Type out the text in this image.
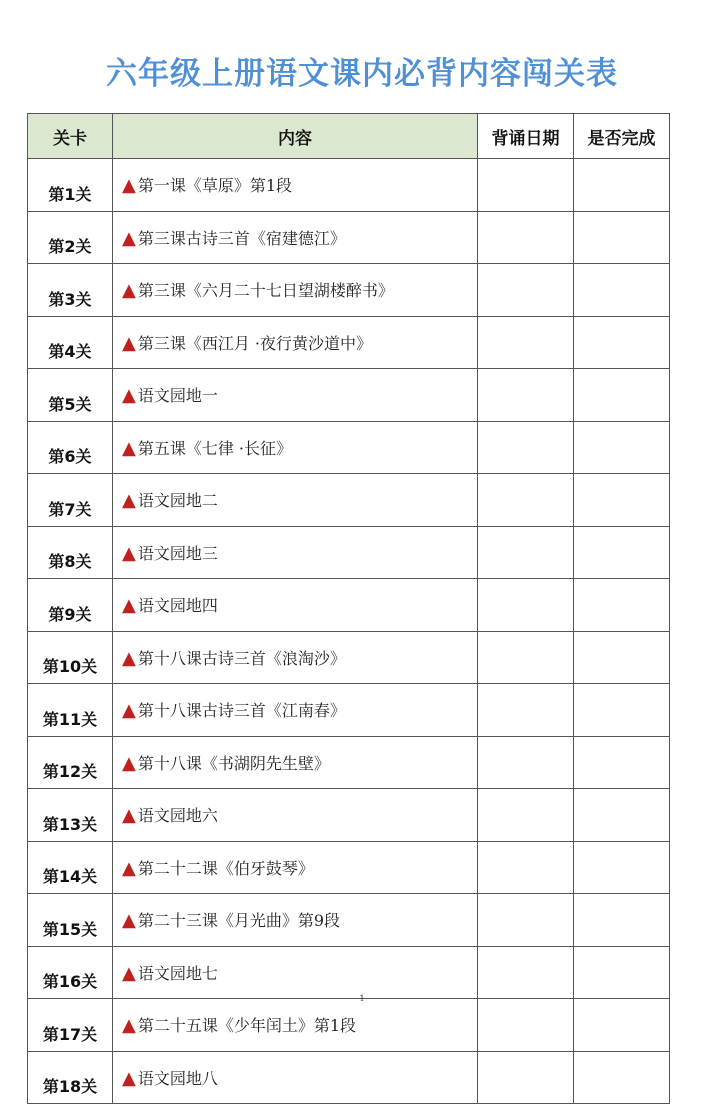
六年级上册语文课内必背内容闯关表
关卡	内容	背诵日期	是否完成
第1关	▲ 第一课《草原》第1段		
第2关	▲ 第三课古诗三首《宿建德江》		
第3关	▲ 第三课《六月二十七日望湖楼醉书》		
第4关	▲ 第三课《西江月 ·夜行黄沙道中》		
第5关	▲ 语文园地一		
第6关	▲ 第五课《七律 ·长征》		
第7关	▲ 语文园地二		
第8关	▲ 语文园地三		
第9关	▲ 语文园地四		
第10关	▲ 第十八课古诗三首《浪淘沙》		
第11关	▲ 第十八课古诗三首《江南春》		
第12关	▲ 第十八课《书湖阴先生壁》		
第13关	▲ 语文园地六		
第14关	▲ 第二十二课《伯牙鼓琴》		
第15关	▲ 第二十三课《月光曲》第9段		
第16关	▲ 语文园地七		
第17关	▲ 第二十五课《少年闰土》第1段		
第18关	▲ 语文园地八		
1
